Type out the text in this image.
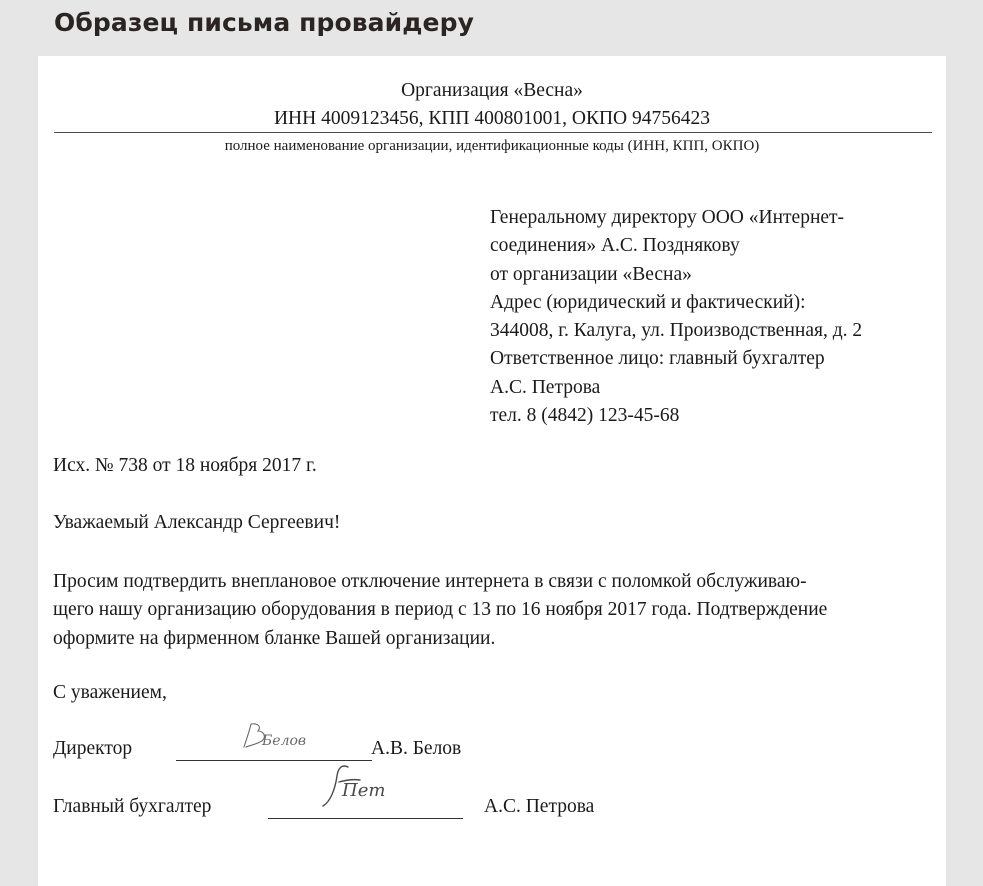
Образец письма провайдеру
Организация «Весна»
ИНН 4009123456, КПП 400801001, ОКПО 94756423
полное наименование организации, идентификационные коды (ИНН, КПП, ОКПО)
Генеральному директору ООО «Интернет-
соединения» А.С. Позднякову
от организации «Весна»
Адрес (юридический и фактический):
344008, г. Калуга, ул. Производственная, д. 2
Ответственное лицо: главный бухгалтер
А.С. Петрова
тел. 8 (4842) 123-45-68
Исх. № 738 от 18 ноября 2017 г.
Уважаемый Александр Сергеевич!
Просим подтвердить внеплановое отключение интернета в связи с поломкой обслуживаю-
щего нашу организацию оборудования в период с 13 по 16 ноября 2017 года. Подтверждение
оформите на фирменном бланке Вашей организации.
С уважением,
Директор	Белов	А.В. Белов
Главный бухгалтер
Пет
А.С. Петрова
